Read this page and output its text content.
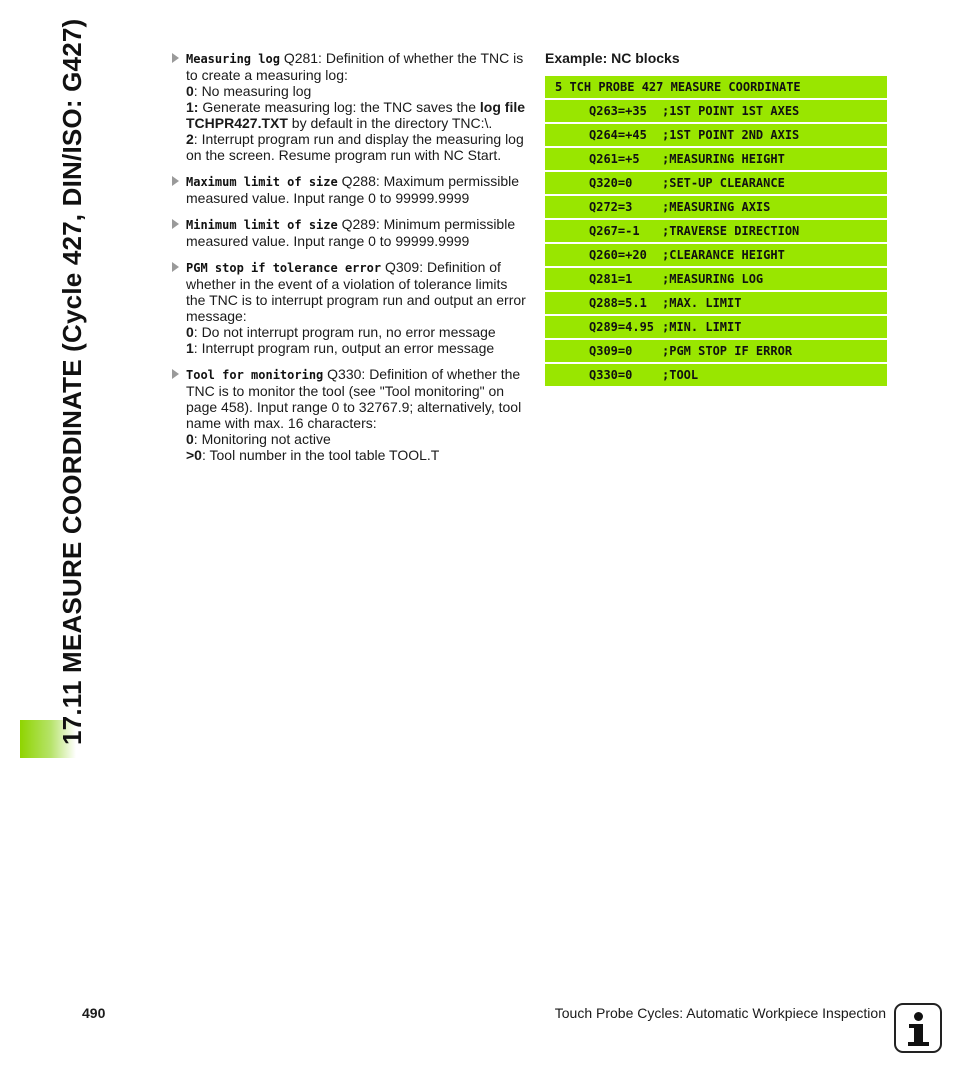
17.11 MEASURE COORDINATE (Cycle 427, DIN/ISO: G427)	Measuring log Q281: Definition of whether the TNC is to create a measuring log:
0: No measuring log
1: Generate measuring log: the TNC saves the log file TCHPR427.TXT by default in the directory TNC:\.
2: Interrupt program run and display the measuring log on the screen. Resume program run with NC Start.
Maximum limit of size Q288: Maximum permissible measured value. Input range 0 to 99999.9999
Minimum limit of size Q289: Minimum permissible measured value. Input range 0 to 99999.9999
PGM stop if tolerance error Q309: Definition of whether in the event of a violation of tolerance limits the TNC is to interrupt program run and output an error message:
0: Do not interrupt program run, no error message
1: Interrupt program run, output an error message
Tool for monitoring Q330: Definition of whether the TNC is to monitor the tool (see "Tool monitoring" on page 458). Input range 0 to 32767.9; alternatively, tool name with max. 16 characters:
0: Monitoring not active
>0: Tool number in the tool table TOOL.T
Example: NC blocks
5 TCH PROBE 427 MEASURE COORDINATE
Q263=+35 ;1ST POINT 1ST AXES
Q264=+45 ;1ST POINT 2ND AXIS
Q261=+5 ;MEASURING HEIGHT
Q320=0 ;SET-UP CLEARANCE
Q272=3 ;MEASURING AXIS
Q267=-1 ;TRAVERSE DIRECTION
Q260=+20 ;CLEARANCE HEIGHT
Q281=1 ;MEASURING LOG
Q288=5.1 ;MAX. LIMIT
Q289=4.95 ;MIN. LIMIT
Q309=0 ;PGM STOP IF ERROR
Q330=0 ;TOOL
490	Touch Probe Cycles: Automatic Workpiece Inspection
